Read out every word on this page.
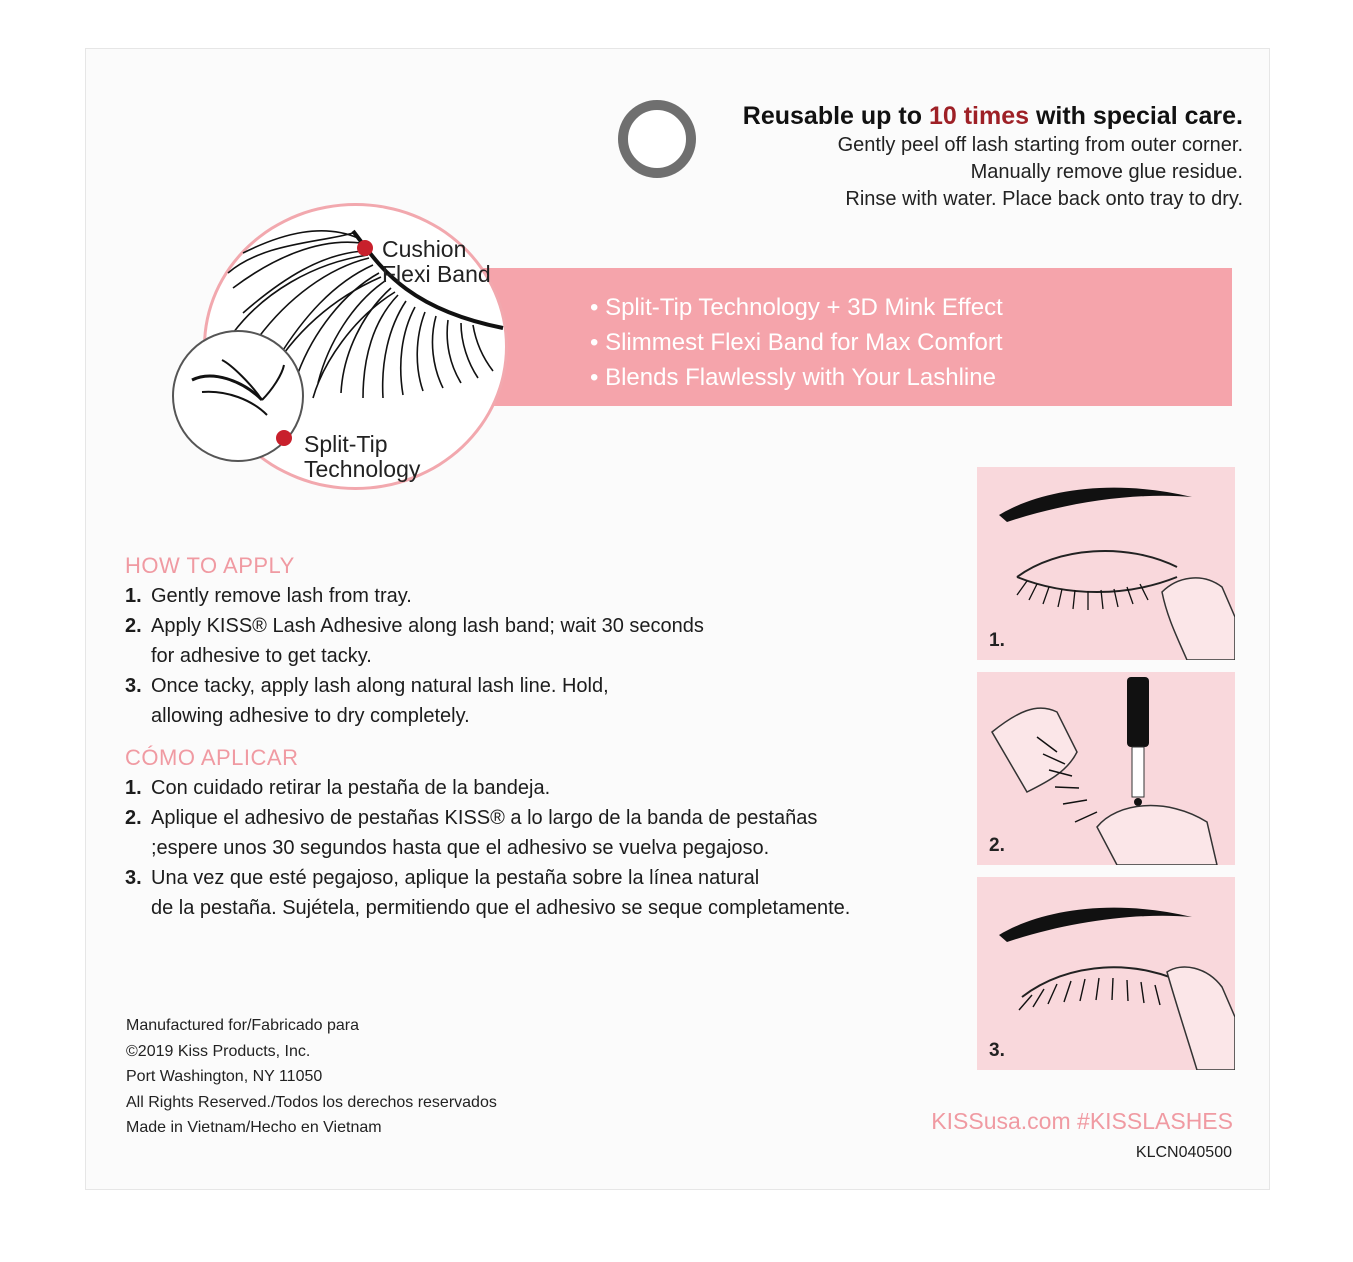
Reusable up to 10 times with special care.
Gently peel off lash starting from outer corner.
Manually remove glue residue.
Rinse with water. Place back onto tray to dry.
• Split-Tip Technology + 3D Mink Effect
• Slimmest Flexi Band for Max Comfort
• Blends Flawlessly with Your Lashline
Cushion
Flexi Band
Split-Tip
Technology
HOW TO APPLY
1. Gently remove lash from tray.
2. Apply KISS® Lash Adhesive along lash band; wait 30 seconds
for adhesive to get tacky.
3. Once tacky, apply lash along natural lash line. Hold,
allowing adhesive to dry completely.
CÓMO APLICAR
1. Con cuidado retirar la pestaña de la bandeja.
2. Aplique el adhesivo de pestañas KISS® a lo largo de la banda de pestañas
;espere unos 30 segundos hasta que el adhesivo se vuelva pegajoso.
3. Una vez que esté pegajoso, aplique la pestaña sobre la línea natural
de la pestaña. Sujétela, permitiendo que el adhesivo se seque completamente.
Manufactured for/Fabricado para
©2019 Kiss Products, Inc.
Port Washington, NY 11050
All Rights Reserved./Todos los derechos reservados
Made in Vietnam/Hecho en Vietnam
1.
2.
3.
KISSusa.com #KISSLASHES
KLCN040500
